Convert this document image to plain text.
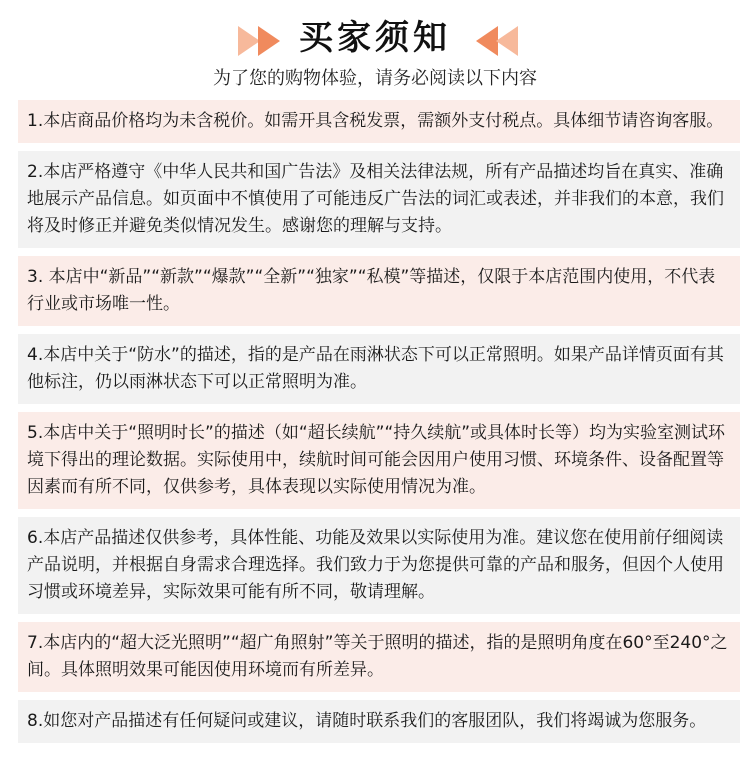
买家须知
为了您的购物体验，请务必阅读以下内容
1.本店商品价格均为未含税价。如需开具含税发票，需额外支付税点。具体细节请咨询客服。
2.本店严格遵守《中华人民共和国广告法》及相关法律法规，所有产品描述均旨在真实、准确地展示产品信息。如页面中不慎使用了可能违反广告法的词汇或表述，并非我们的本意，我们将及时修正并避免类似情况发生。感谢您的理解与支持。
3. 本店中“新品”“新款”“爆款”“全新”“独家”“私模”等描述，仅限于本店范围内使用，不代表行业或市场唯一性。
4.本店中关于“防水”的描述，指的是产品在雨淋状态下可以正常照明。如果产品详情页面有其他标注，仍以雨淋状态下可以正常照明为准。
5.本店中关于“照明时长”的描述（如“超长续航”“持久续航”或具体时长等）均为实验室测试环境下得出的理论数据。实际使用中，续航时间可能会因用户使用习惯、环境条件、设备配置等因素而有所不同，仅供参考，具体表现以实际使用情况为准。
6.本店产品描述仅供参考，具体性能、功能及效果以实际使用为准。建议您在使用前仔细阅读产品说明，并根据自身需求合理选择。我们致力于为您提供可靠的产品和服务，但因个人使用习惯或环境差异，实际效果可能有所不同，敬请理解。
7.本店内的“超大泛光照明”“超广角照射”等关于照明的描述，指的是照明角度在60°至240°之间。具体照明效果可能因使用环境而有所差异。
8.如您对产品描述有任何疑问或建议，请随时联系我们的客服团队，我们将竭诚为您服务。
